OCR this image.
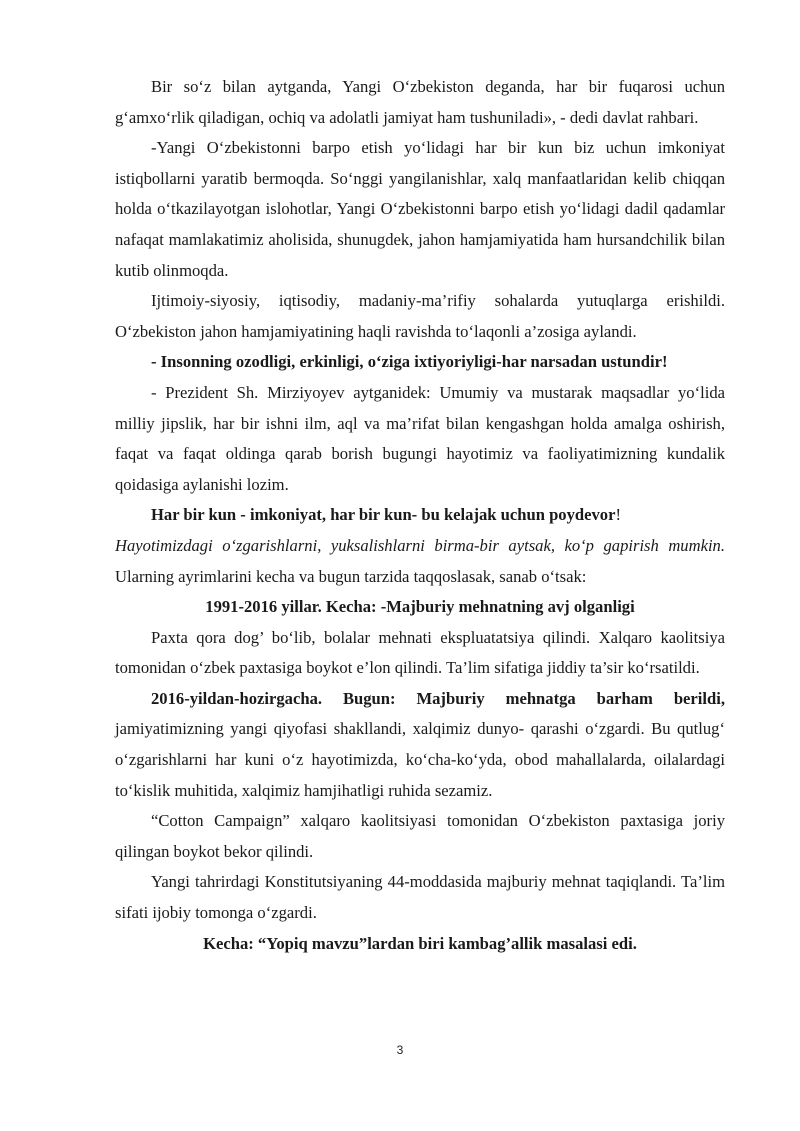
Bir so‘z bilan aytganda, Yangi O‘zbekiston deganda, har bir fuqarosi uchun g‘amxo‘rlik qiladigan, ochiq va adolatli jamiyat ham tushuniladi», - dedi davlat rahbari.

-Yangi O‘zbekistonni barpo etish yo‘lidagi har bir kun biz uchun imkoniyat istiqbollarni yaratib bermoqda. So‘nggi yangilanishlar, xalq manfaatlaridan kelib chiqqan holda o‘tkazilayotgan islohotlar, Yangi O‘zbekistonni barpo etish yo‘lidagi dadil qadamlar nafaqat mamlakatimiz aholisida, shunugdek, jahon hamjamiyatida ham hursandchilik bilan kutib olinmoqda.

Ijtimoiy-siyosiy, iqtisodiy, madaniy-ma’rifiy sohalarda yutuqlarga erishildi. O‘zbekiston jahon hamjamiyatining haqli ravishda to‘laqonli a’zosiga aylandi.

- Insonning ozodligi, erkinligi, o‘ziga ixtiyoriyligi-har narsadan ustundir!

- Prezident Sh. Mirziyoyev aytganidek: Umumiy va mustarak maqsadlar yo‘lida milliy jipslik, har bir ishni ilm, aql va ma’rifat bilan kengashgan holda amalga oshirish, faqat va faqat oldinga qarab borish bugungi hayotimiz va faoliyatimizning kundalik qoidasiga aylanishi lozim.

Har bir kun - imkoniyat, har bir kun- bu kelajak uchun poydevor!
Hayotimizdagi o‘zgarishlarni, yuksalishlarni birma-bir aytsak, ko‘p gapirish mumkin. Ularning ayrimlarini kecha va bugun tarzida taqqoslasak, sanab o‘tsak:

1991-2016 yillar. Kecha: -Majburiy mehnatning avj olganligi

Paxta qora dog’ bo‘lib, bolalar mehnati ekspluatatsiya qilindi. Xalqaro kaolitsiya tomonidan o‘zbek paxtasiga boykot e’lon qilindi. Ta’lim sifatiga jiddiy ta’sir ko‘rsatildi.

2016-yildan-hozirgacha. Bugun: Majburiy mehnatga barham berildi, jamiyatimizning yangi qiyofasi shakllandi, xalqimiz dunyo- qarashi o‘zgardi. Bu qutlug‘ o‘zgarishlarni har kuni o‘z hayotimizda, ko‘cha-ko‘yda, obod mahallalarda, oilalardagi to‘kislik muhitida, xalqimiz hamjihatligi ruhida sezamiz.

“Cotton Campaign” xalqaro kaolitsiyasi tomonidan O‘zbekiston paxtasiga joriy qilingan boykot bekor qilindi.

Yangi tahrirdagi Konstitutsiyaning 44-moddasida majburiy mehnat taqiqlandi. Ta’lim sifati ijobiy tomonga o‘zgardi.

Kecha: “Yopiq mavzu”lardan biri kambag’allik masalasi edi.

3
